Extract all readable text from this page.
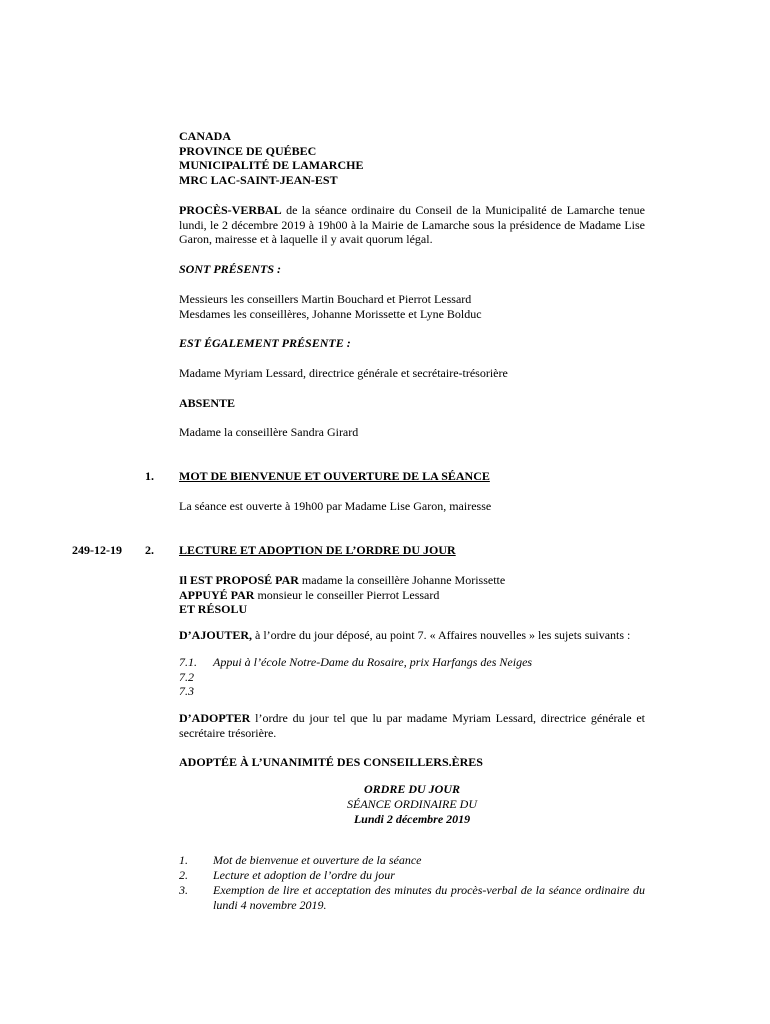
CANADA
PROVINCE DE QUÉBEC
MUNICIPALITÉ DE LAMARCHE
MRC LAC-SAINT-JEAN-EST
PROCÈS-VERBAL de la séance ordinaire du Conseil de la Municipalité de Lamarche tenue lundi, le 2 décembre 2019 à 19h00 à la Mairie de Lamarche sous la présidence de Madame Lise Garon, mairesse et à laquelle il y avait quorum légal.
SONT PRÉSENTS :
Messieurs les conseillers Martin Bouchard et Pierrot Lessard
Mesdames les conseillères, Johanne Morissette et Lyne Bolduc
EST ÉGALEMENT PRÉSENTE :
Madame Myriam Lessard, directrice générale et secrétaire-trésorière
ABSENTE
Madame la conseillère Sandra Girard
1. MOT DE BIENVENUE ET OUVERTURE DE LA SÉANCE
La séance est ouverte à 19h00 par Madame Lise Garon, mairesse
249-12-19 2. LECTURE ET ADOPTION DE L’ORDRE DU JOUR
Il EST PROPOSÉ PAR madame la conseillère Johanne Morissette
APPUYÉ PAR monsieur le conseiller Pierrot Lessard
ET RÉSOLU
D’AJOUTER, à l’ordre du jour déposé, au point 7. « Affaires nouvelles » les sujets suivants :
7.1. Appui à l’école Notre-Dame du Rosaire, prix Harfangs des Neiges
7.2
7.3
D’ADOPTER l’ordre du jour tel que lu par madame Myriam Lessard, directrice générale et secrétaire trésorière.
ADOPTÉE À L’UNANIMITÉ DES CONSEILLERS.ÈRES
ORDRE DU JOUR
SÉANCE ORDINAIRE DU
Lundi 2 décembre 2019
1. Mot de bienvenue et ouverture de la séance
2. Lecture et adoption de l’ordre du jour
3. Exemption de lire et acceptation des minutes du procès-verbal de la séance ordinaire du lundi 4 novembre 2019.
